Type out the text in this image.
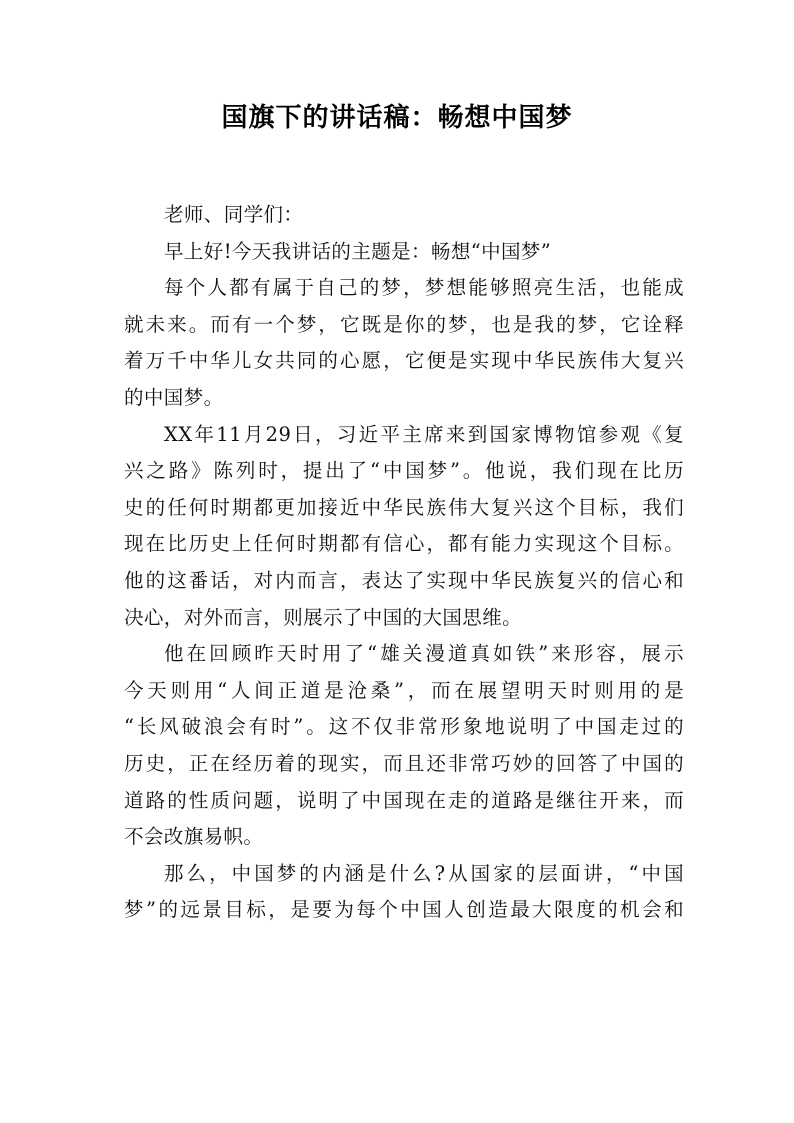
国旗下的讲话稿：畅想中国梦
老师、同学们：
早上好!今天我讲话的主题是：畅想“中国梦”
每个人都有属于自己的梦，梦想能够照亮生活，也能成
就未来。而有一个梦，它既是你的梦，也是我的梦，它诠释
着万千中华儿女共同的心愿，它便是实现中华民族伟大复兴
的中国梦。
XX年11月29日，习近平主席来到国家博物馆参观《复
兴之路》陈列时，提出了“中国梦”。他说，我们现在比历
史的任何时期都更加接近中华民族伟大复兴这个目标，我们
现在比历史上任何时期都有信心，都有能力实现这个目标。
他的这番话，对内而言，表达了实现中华民族复兴的信心和
决心，对外而言，则展示了中国的大国思维。
他在回顾昨天时用了“雄关漫道真如铁”来形容，展示
今天则用“人间正道是沧桑”，而在展望明天时则用的是
“长风破浪会有时”。这不仅非常形象地说明了中国走过的
历史，正在经历着的现实，而且还非常巧妙的回答了中国的
道路的性质问题，说明了中国现在走的道路是继往开来，而
不会改旗易帜。
那么，中国梦的内涵是什么?从国家的层面讲，“中国
梦”的远景目标，是要为每个中国人创造最大限度的机会和
